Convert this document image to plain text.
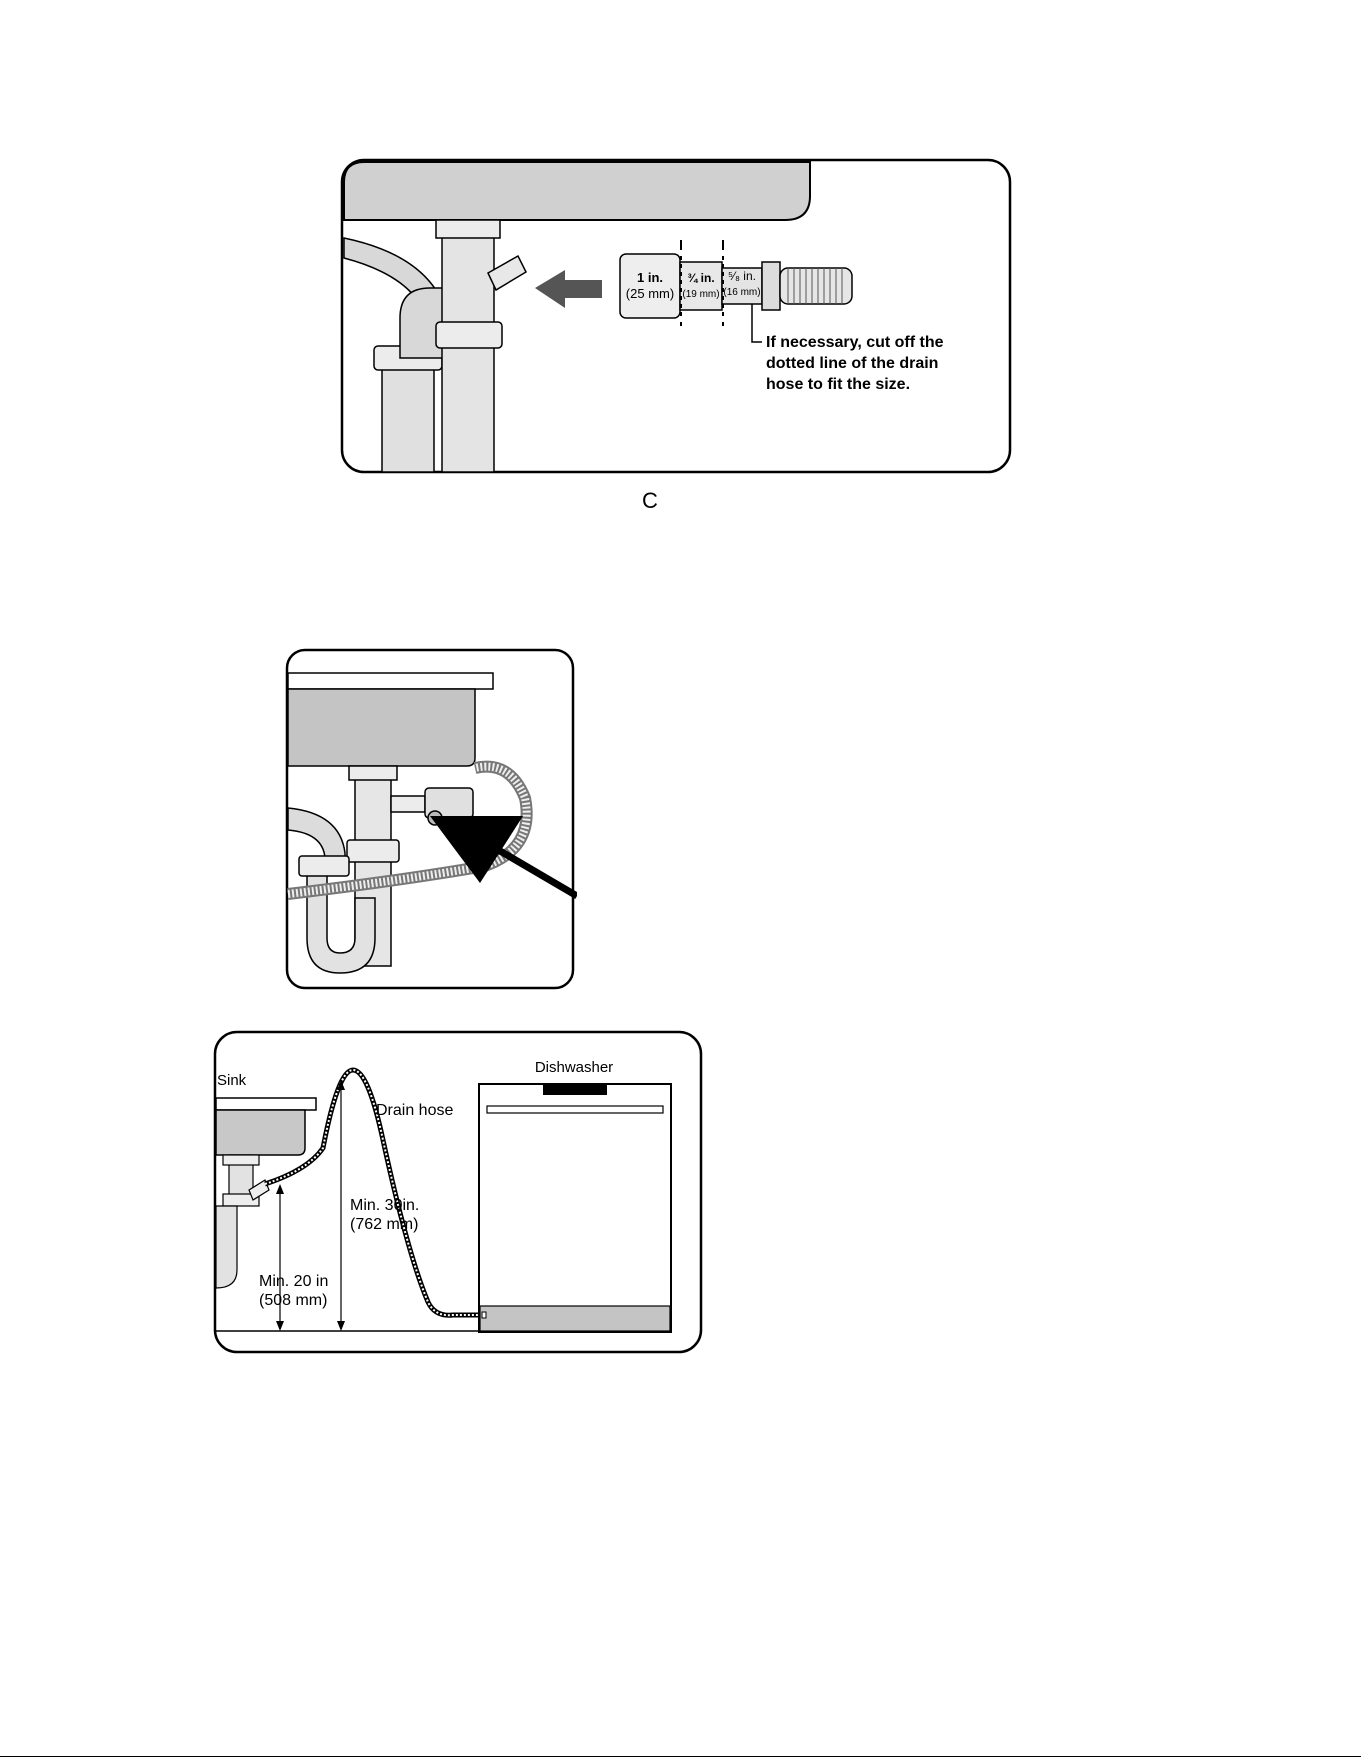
1 in.
(25 mm)
¾ in.
(19 mm)
⁵⁄₈ in.
(16 mm)
If necessary, cut off the
dotted line of the drain
hose to fit the size.
C
Sink
Drain hose
Dishwasher
Min. 30in.
(762 mm)
Min. 20 in
(508 mm)
